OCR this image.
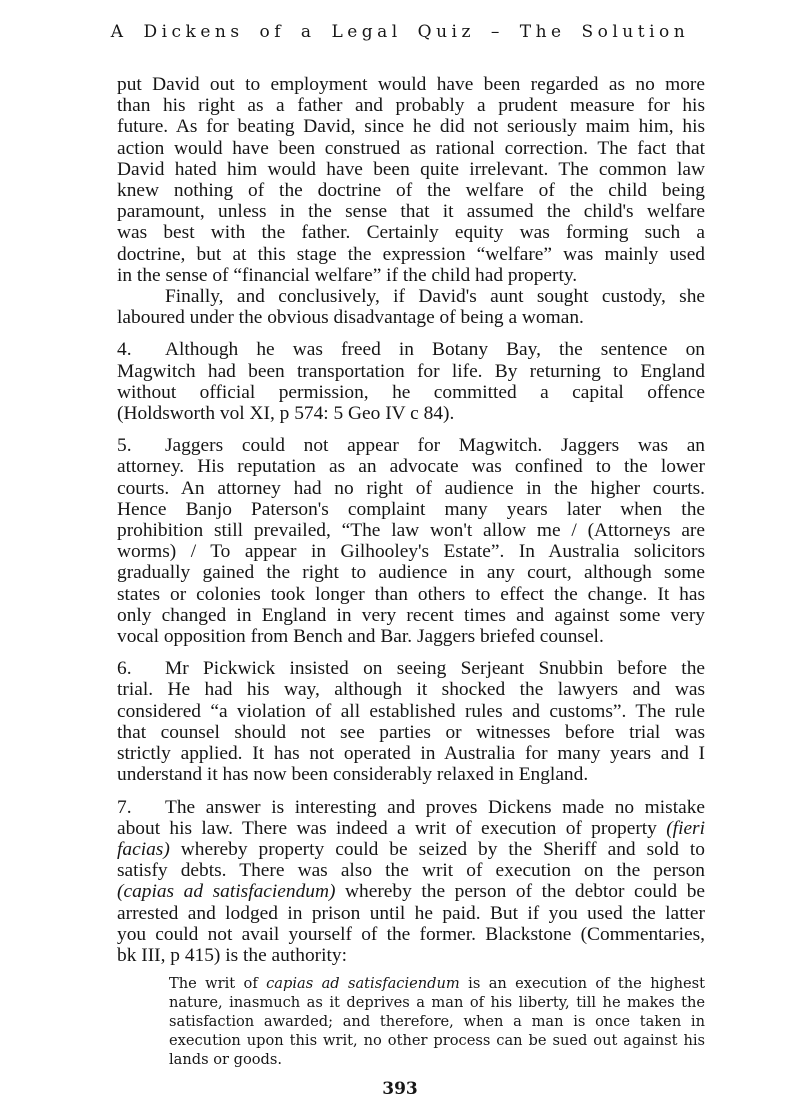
A Dickens of a Legal Quiz – The Solution
put David out to employment would have been regarded as no more
than his right as a father and probably a prudent measure for his
future. As for beating David, since he did not seriously maim him, his
action would have been construed as rational correction. The fact that
David hated him would have been quite irrelevant. The common law
knew nothing of the doctrine of the welfare of the child being
paramount, unless in the sense that it assumed the child's welfare
was best with the father. Certainly equity was forming such a
doctrine, but at this stage the expression “welfare” was mainly used
in the sense of “financial welfare” if the child had property.
Finally, and conclusively, if David's aunt sought custody, she
laboured under the obvious disadvantage of being a woman.
4. Although he was freed in Botany Bay, the sentence on
Magwitch had been transportation for life. By returning to England
without official permission, he committed a capital offence
(Holdsworth vol XI, p 574: 5 Geo IV c 84).
5. Jaggers could not appear for Magwitch. Jaggers was an
attorney. His reputation as an advocate was confined to the lower
courts. An attorney had no right of audience in the higher courts.
Hence Banjo Paterson's complaint many years later when the
prohibition still prevailed, “The law won't allow me / (Attorneys are
worms) / To appear in Gilhooley's Estate”. In Australia solicitors
gradually gained the right to audience in any court, although some
states or colonies took longer than others to effect the change. It has
only changed in England in very recent times and against some very
vocal opposition from Bench and Bar. Jaggers briefed counsel.
6. Mr Pickwick insisted on seeing Serjeant Snubbin before the
trial. He had his way, although it shocked the lawyers and was
considered “a violation of all established rules and customs”. The rule
that counsel should not see parties or witnesses before trial was
strictly applied. It has not operated in Australia for many years and I
understand it has now been considerably relaxed in England.
7. The answer is interesting and proves Dickens made no mistake
about his law. There was indeed a writ of execution of property (fieri
facias) whereby property could be seized by the Sheriff and sold to
satisfy debts. There was also the writ of execution on the person
(capias ad satisfaciendum) whereby the person of the debtor could be
arrested and lodged in prison until he paid. But if you used the latter
you could not avail yourself of the former. Blackstone (Commentaries,
bk III, p 415) is the authority:
The writ of capias ad satisfaciendum is an execution of the highest
nature, inasmuch as it deprives a man of his liberty, till he makes the
satisfaction awarded; and therefore, when a man is once taken in
execution upon this writ, no other process can be sued out against his
lands or goods.
393
